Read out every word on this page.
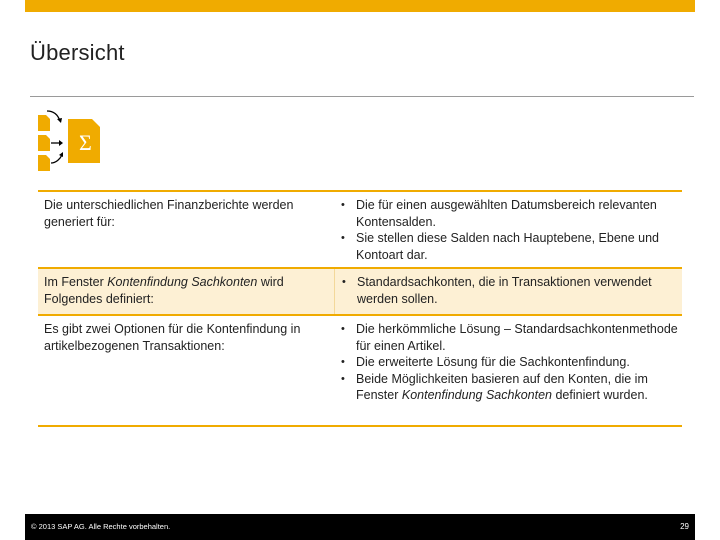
Übersicht
Σ
Die unterschiedlichen Finanzberichte werden generiert für:
• Die für einen ausgewählten Datumsbereich relevanten Kontensalden.
• Sie stellen diese Salden nach Hauptebene, Ebene und Kontoart dar.
Im Fenster Kontenfindung Sachkonten wird Folgendes definiert:
• Standardsachkonten, die in Transaktionen verwendet werden sollen.
Es gibt zwei Optionen für die Kontenfindung in artikelbezogenen Transaktionen:
• Die herkömmliche Lösung – Standardsachkontenmethode für einen Artikel.
• Die erweiterte Lösung für die Sachkontenfindung.
• Beide Möglichkeiten basieren auf den Konten, die im Fenster Kontenfindung Sachkonten definiert wurden.
© 2013 SAP AG. Alle Rechte vorbehalten.	29
